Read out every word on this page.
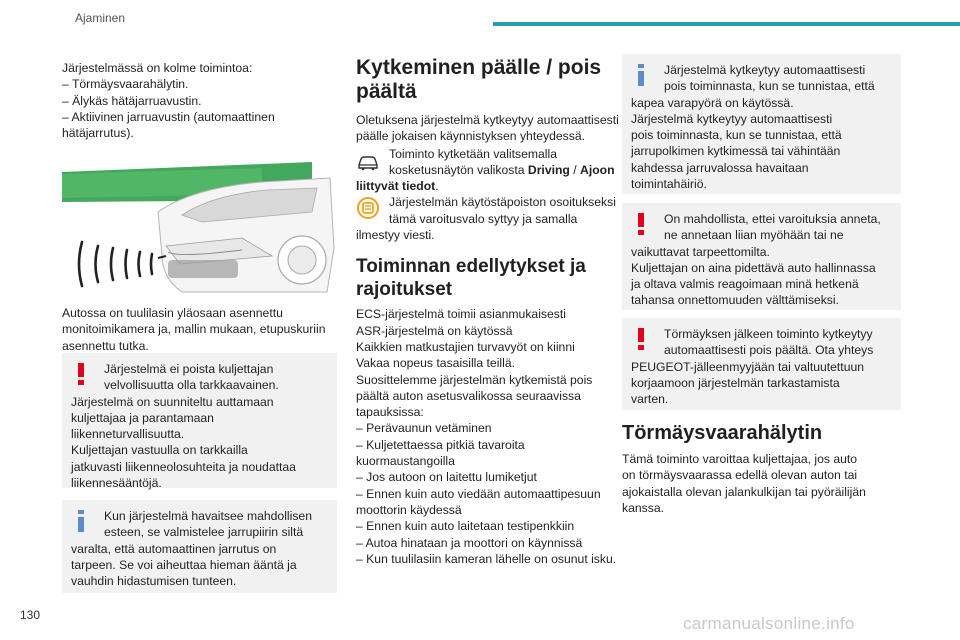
Ajaminen

Järjestelmässä on kolme toimintoa:

– Törmäysvaarahälytin.

– Älykäs hätäjarruavustin.

– Aktiivinen jarruavustin (automaattinen

hätäjarrutus).

Autossa on tuulilasin yläosaan asennettu

monitoimikamera ja, mallin mukaan, etupuskuriin

asennettu tutka.

Järjestelmä ei poista kuljettajan

velvollisuutta olla tarkkaavainen.

Järjestelmä on suunniteltu auttamaan

kuljettajaa ja parantamaan

liikenneturvallisuutta.

Kuljettajan vastuulla on tarkkailla

jatkuvasti liikenneolosuhteita ja noudattaa

liikennesääntöjä.

Kun järjestelmä havaitsee mahdollisen

esteen, se valmistelee jarrupiirin siltä

varalta, että automaattinen jarrutus on

tarpeen. Se voi aiheuttaa hieman ääntä ja

vauhdin hidastumisen tunteen.

Kytkeminen päälle / pois
päältä

Oletuksena järjestelmä kytkeytyy automaattisesti

päälle jokaisen käynnistyksen yhteydessä.

Toiminto kytketään valitsemalla

kosketusnäytön valikosta Driving / Ajoon

liittyvät tiedot.

Järjestelmän käytöstäpoiston osoitukseksi

tämä varoitusvalo syttyy ja samalla

ilmestyy viesti.

Toiminnan edellytykset ja
rajoitukset

ECS-järjestelmä toimii asianmukaisesti

ASR-järjestelmä on käytössä

Kaikkien matkustajien turvavyöt on kiinni

Vakaa nopeus tasaisilla teillä.

Suosittelemme järjestelmän kytkemistä pois

päältä auton asetusvalikossa seuraavissa

tapauksissa:

– Perävaunun vetäminen

– Kuljetettaessa pitkiä tavaroita

kuormaustangoilla

– Jos autoon on laitettu lumiketjut

– Ennen kuin auto viedään automaattipesuun

moottorin käydessä

– Ennen kuin auto laitetaan testipenkkiin

– Autoa hinataan ja moottori on käynnissä

– Kun tuulilasiin kameran lähelle on osunut isku.

Järjestelmä kytkeytyy automaattisesti

pois toiminnasta, kun se tunnistaa, että

kapea varapyörä on käytössä.

Järjestelmä kytkeytyy automaattisesti

pois toiminnasta, kun se tunnistaa, että

jarrupolkimen kytkimessä tai vähintään

kahdessa jarruvalossa havaitaan

toimintahäiriö.

On mahdollista, ettei varoituksia anneta,

ne annetaan liian myöhään tai ne

vaikuttavat tarpeettomilta.

Kuljettajan on aina pidettävä auto hallinnassa

ja oltava valmis reagoimaan minä hetkenä

tahansa onnettomuuden välttämiseksi.

Törmäyksen jälkeen toiminto kytkeytyy

automaattisesti pois päältä. Ota yhteys

PEUGEOT-jälleenmyyjään tai valtuutettuun

korjaamoon järjestelmän tarkastamista

varten.

Törmäysvaarahälytin

Tämä toiminto varoittaa kuljettajaa, jos auto

on törmäysvaarassa edellä olevan auton tai

ajokaistalla olevan jalankulkijan tai pyöräilijän

kanssa.

130	carmanualsonline.info
